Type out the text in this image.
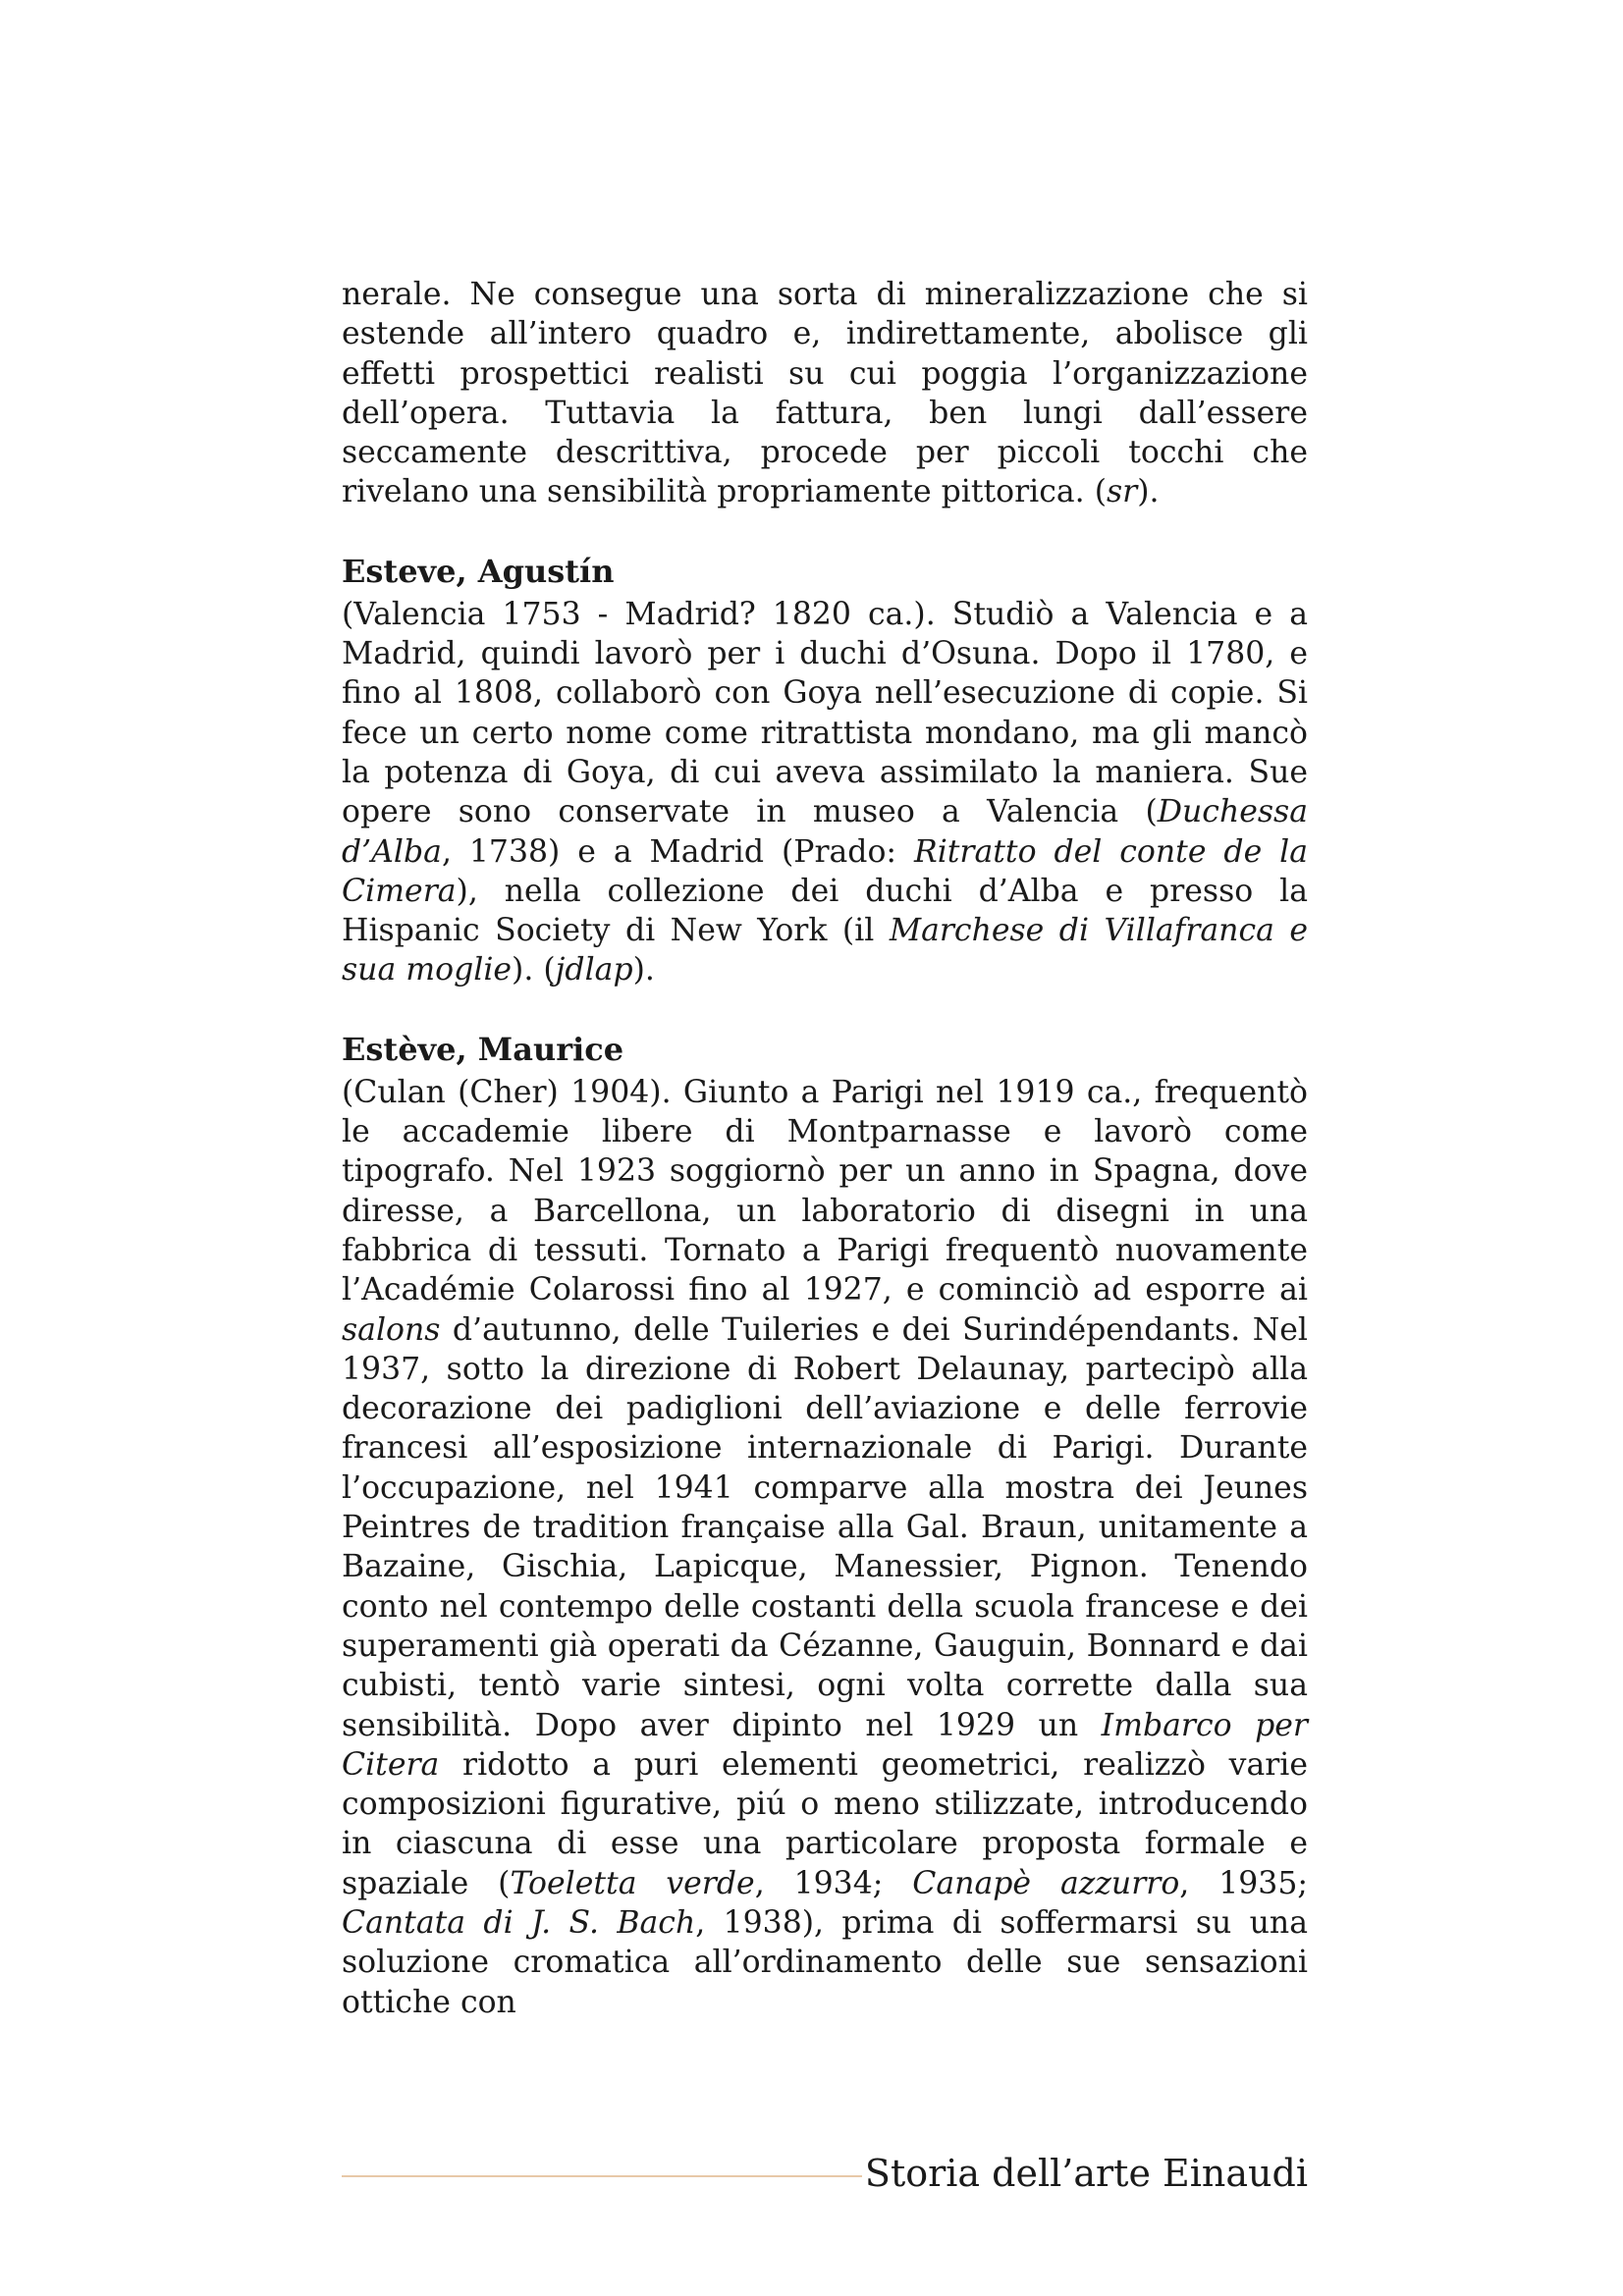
nerale. Ne consegue una sorta di mineralizzazione che si estende all’intero quadro e, indirettamente, abolisce gli effetti prospettici realisti su cui poggia l’organizzazione dell’opera. Tuttavia la fattura, ben lungi dall’essere seccamente descrittiva, procede per piccoli tocchi che rivelano una sensibilità propriamente pittorica. (sr).

Esteve, Agustín

(Valencia 1753 - Madrid? 1820 ca.). Studiò a Valencia e a Madrid, quindi lavorò per i duchi d’Osuna. Dopo il 1780, e fino al 1808, collaborò con Goya nell’esecuzione di copie. Si fece un certo nome come ritrattista mondano, ma gli mancò la potenza di Goya, di cui aveva assimilato la maniera. Sue opere sono conservate in museo a Valencia (Duchessa d’Alba, 1738) e a Madrid (Prado: Ritratto del conte de la Cimera), nella collezione dei duchi d’Alba e presso la Hispanic Society di New York (il Marchese di Villafranca e sua moglie). (jdlap).

Estève, Maurice

(Culan (Cher) 1904). Giunto a Parigi nel 1919 ca., frequentò le accademie libere di Montparnasse e lavorò come tipografo. Nel 1923 soggiornò per un anno in Spagna, dove diresse, a Barcellona, un laboratorio di disegni in una fabbrica di tessuti. Tornato a Parigi frequentò nuovamente l’Académie Colarossi fino al 1927, e cominciò ad esporre ai salons d’autunno, delle Tuileries e dei Surindépendants. Nel 1937, sotto la direzione di Robert Delaunay, partecipò alla decorazione dei padiglioni dell’aviazione e delle ferrovie francesi all’esposizione internazionale di Parigi. Durante l’occupazione, nel 1941 comparve alla mostra dei Jeunes Peintres de tradition française alla Gal. Braun, unitamente a Bazaine, Gischia, Lapicque, Manessier, Pignon. Tenendo conto nel contempo delle costanti della scuola francese e dei superamenti già operati da Cézanne, Gauguin, Bonnard e dai cubisti, tentò varie sintesi, ogni volta corrette dalla sua sensibilità. Dopo aver dipinto nel 1929 un Imbarco per Citera ridotto a puri elementi geometrici, realizzò varie composizioni figurative, piú o meno stilizzate, introducendo in ciascuna di esse una particolare proposta formale e spaziale (Toeletta verde, 1934; Canapè azzurro, 1935; Cantata di J. S. Bach, 1938), prima di soffermarsi su una soluzione cromatica all’ordinamento delle sue sensazioni ottiche con

Storia dell’arte Einaudi
